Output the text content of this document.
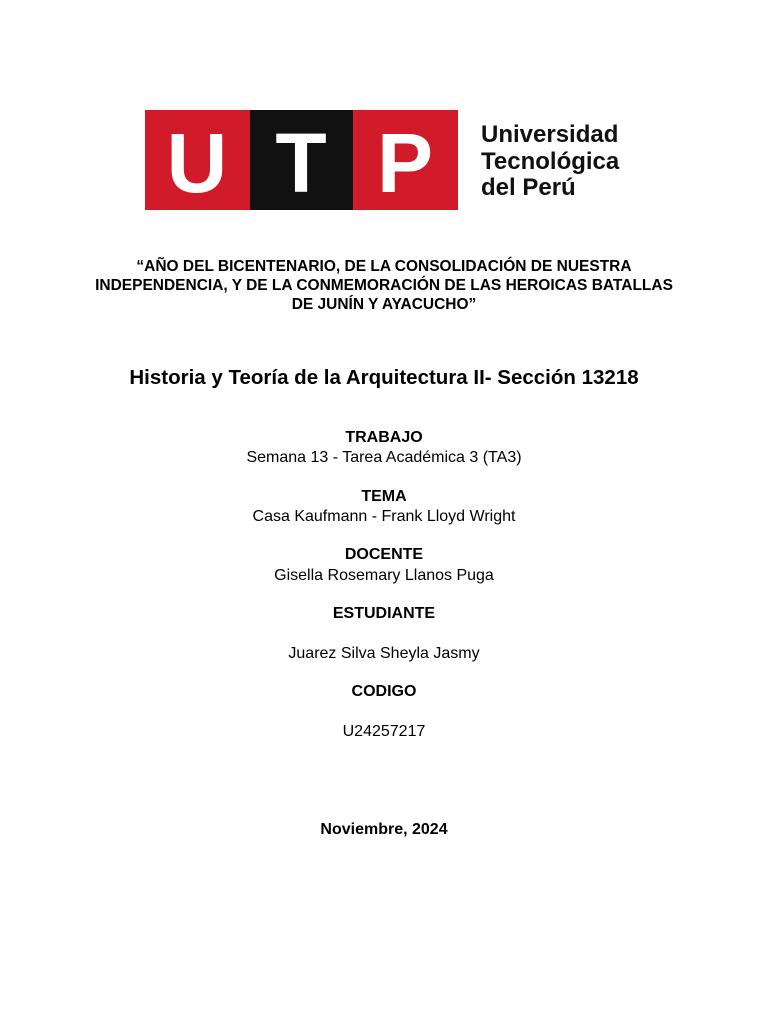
U T P Universidad
Tecnológica
del Perú
“AÑO DEL BICENTENARIO, DE LA CONSOLIDACIÓN DE NUESTRA
INDEPENDENCIA, Y DE LA CONMEMORACIÓN DE LAS HEROICAS BATALLAS
DE JUNÍN Y AYACUCHO”
Historia y Teoría de la Arquitectura II- Sección 13218
TRABAJO
Semana 13 - Tarea Académica 3 (TA3)
TEMA
Casa Kaufmann - Frank Lloyd Wright
DOCENTE
Gisella Rosemary Llanos Puga
ESTUDIANTE
Juarez Silva Sheyla Jasmy
CODIGO
U24257217
Noviembre, 2024
